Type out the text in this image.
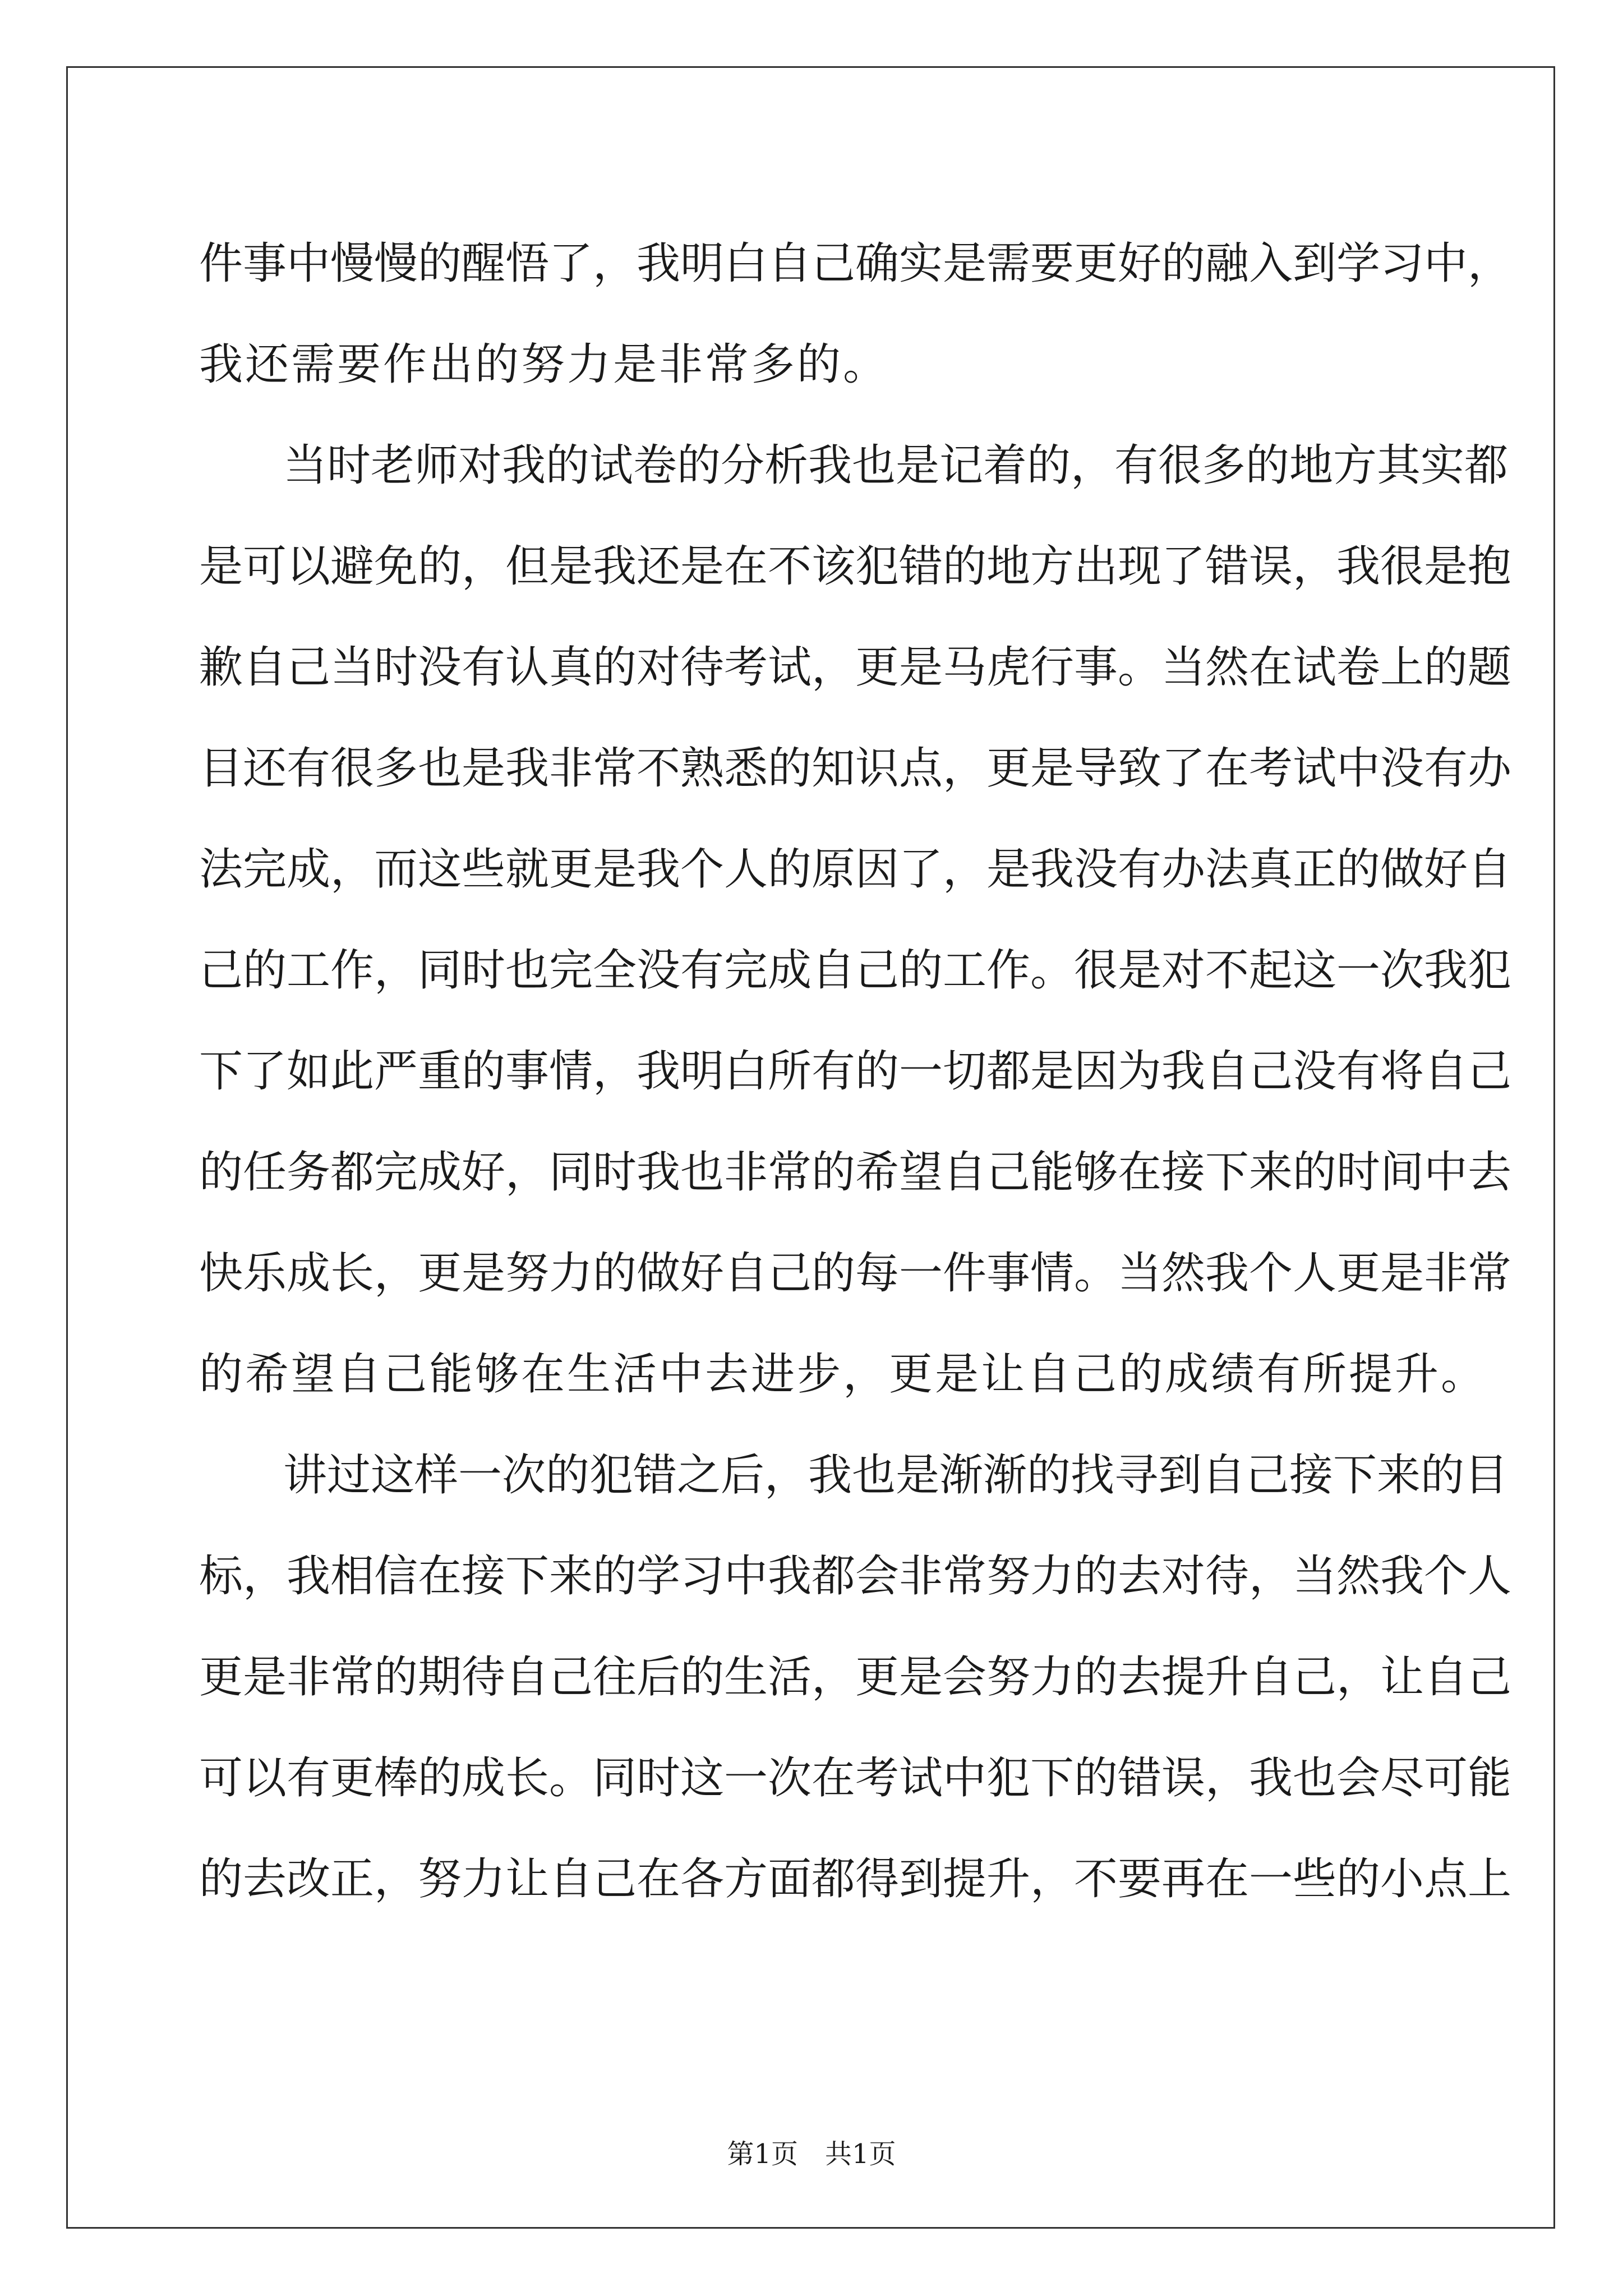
件事中慢慢的醒悟了，我明白自己确实是需要更好的融入到学习中，
我还需要作出的努力是非常多的。
当时老师对我的试卷的分析我也是记着的，有很多的地方其实都
是可以避免的，但是我还是在不该犯错的地方出现了错误，我很是抱
歉自己当时没有认真的对待考试，更是马虎行事。当然在试卷上的题
目还有很多也是我非常不熟悉的知识点，更是导致了在考试中没有办
法完成，而这些就更是我个人的原因了，是我没有办法真正的做好自
己的工作，同时也完全没有完成自己的工作。很是对不起这一次我犯
下了如此严重的事情，我明白所有的一切都是因为我自己没有将自己
的任务都完成好，同时我也非常的希望自己能够在接下来的时间中去
快乐成长，更是努力的做好自己的每一件事情。当然我个人更是非常
的希望自己能够在生活中去进步，更是让自己的成绩有所提升。
讲过这样一次的犯错之后，我也是渐渐的找寻到自己接下来的目
标，我相信在接下来的学习中我都会非常努力的去对待，当然我个人
更是非常的期待自己往后的生活，更是会努力的去提升自己，让自己
可以有更棒的成长。同时这一次在考试中犯下的错误，我也会尽可能
的去改正，努力让自己在各方面都得到提升，不要再在一些的小点上
第1页 共1页
